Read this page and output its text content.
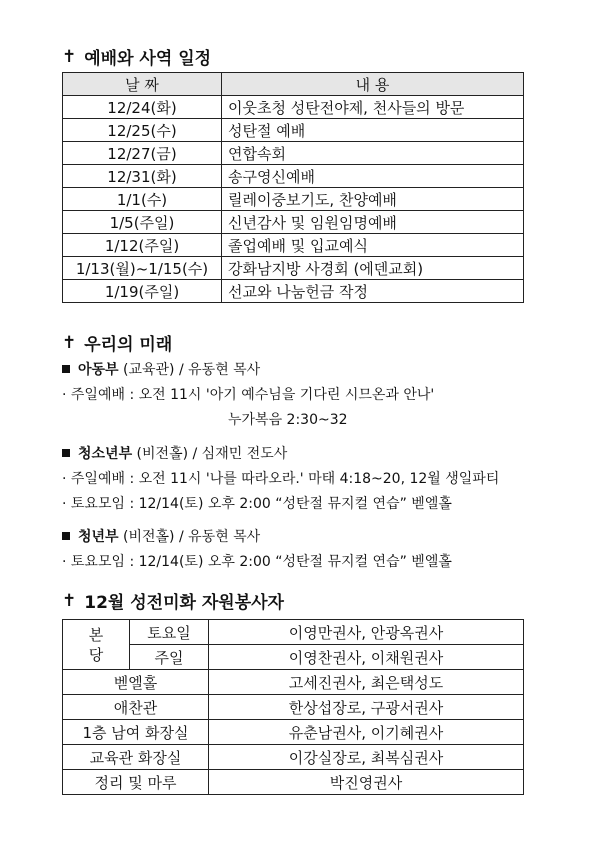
✝ 예배와 사역 일정
날 짜	내 용
12/24(화)	이웃초청 성탄전야제, 천사들의 방문
12/25(수)	성탄절 예배
12/27(금)	연합속회
12/31(화)	송구영신예배
1/1(수)	릴레이중보기도, 찬양예배
1/5(주일)	신년감사 및 임원임명예배
1/12(주일)	졸업예배 및 입교예식
1/13(월)~1/15(수)	강화남지방 사경회 (에덴교회)
1/19(주일)	선교와 나눔헌금 작정
✝ 우리의 미래
아동부 (교육관) / 유동현 목사
· 주일예배 : 오전 11시 '아기 예수님을 기다린 시므온과 안나'
누가복음 2:30~32
청소년부 (비전홀) / 심재민 전도사
· 주일예배 : 오전 11시 '나를 따라오라.' 마태 4:18~20, 12월 생일파티
· 토요모임 : 12/14(토) 오후 2:00 “성탄절 뮤지컬 연습” 벧엘홀
청년부 (비전홀) / 유동현 목사
· 토요모임 : 12/14(토) 오후 2:00 “성탄절 뮤지컬 연습” 벧엘홀
✝ 12월 성전미화 자원봉사자
본
당	토요일	이영만권사, 안광옥권사
	주일	이영찬권사, 이채원권사
벧엘홀		고세진권사, 최은택성도
애찬관		한상섭장로, 구광서권사
1층 남여 화장실		유춘남권사, 이기혜권사
교육관 화장실		이강실장로, 최복심권사
정리 및 마루		박진영권사
